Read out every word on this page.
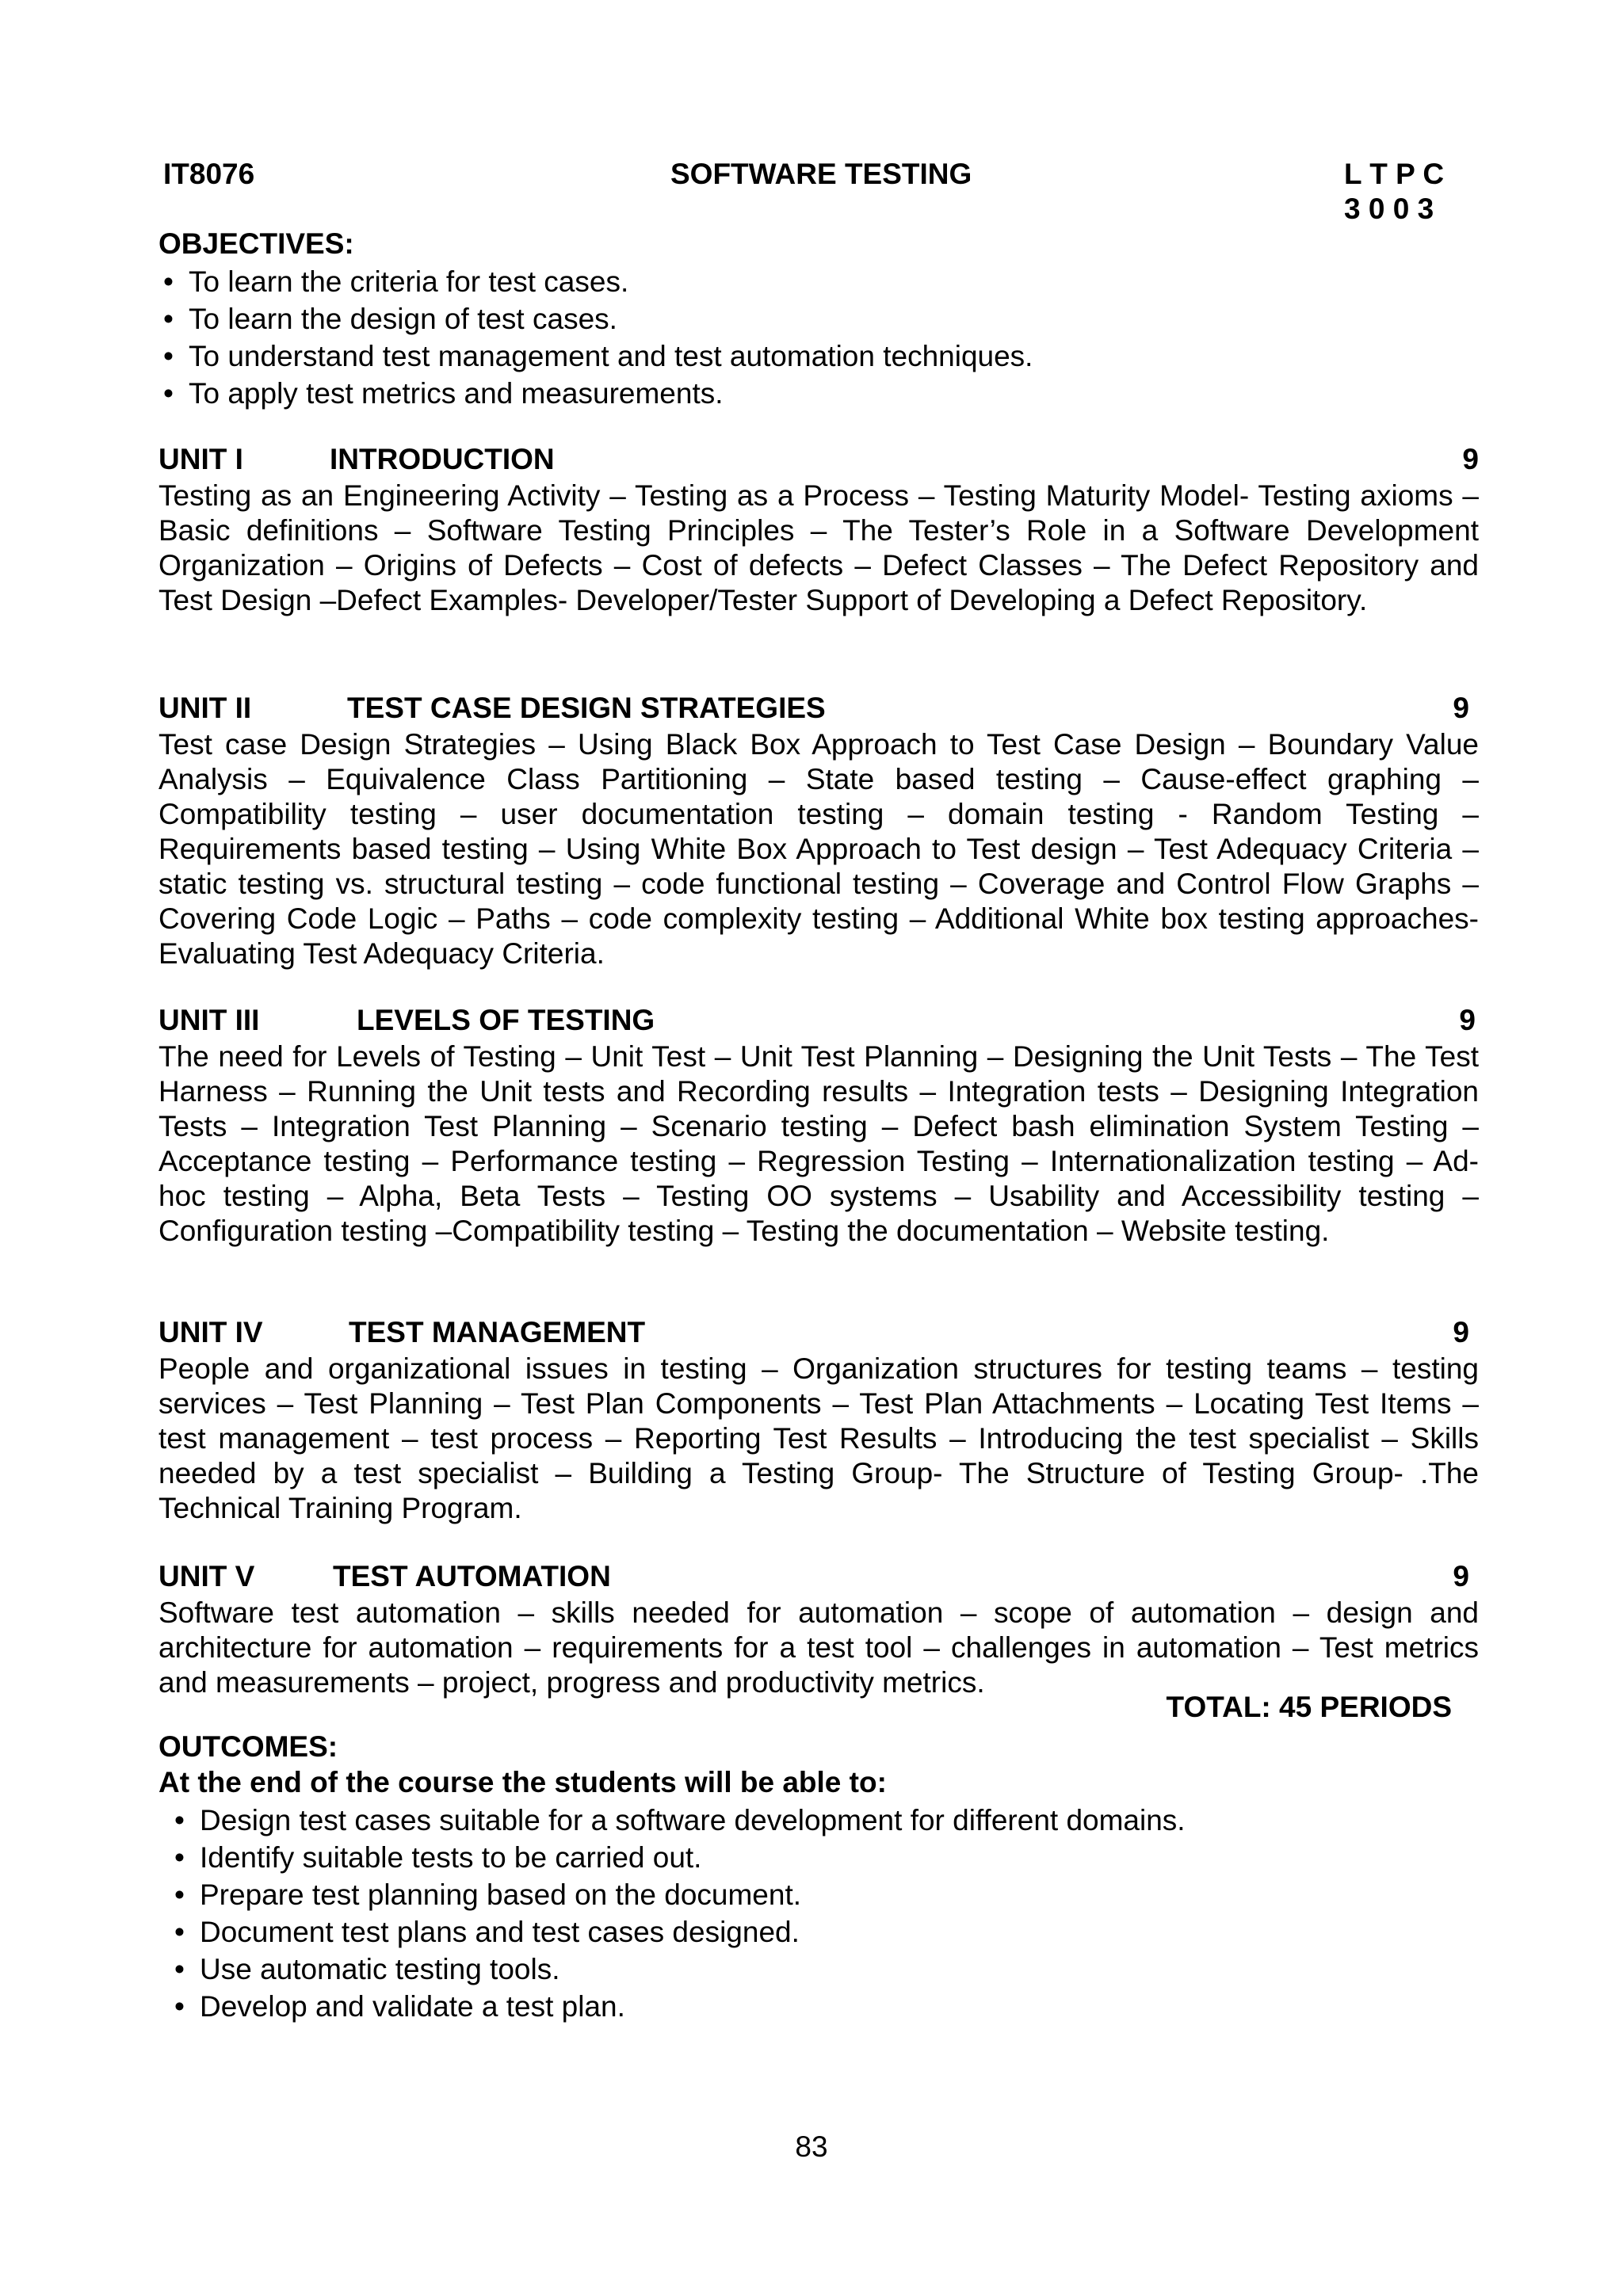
IT8076	SOFTWARE TESTING	L T P C
3 0 0 3
OBJECTIVES:
• To learn the criteria for test cases.
• To learn the design of test cases.
• To understand test management and test automation techniques.
• To apply test metrics and measurements.
UNIT I	INTRODUCTION	9
Testing as an Engineering Activity – Testing as a Process – Testing Maturity Model- Testing axioms – Basic definitions – Software Testing Principles – The Tester’s Role in a Software Development Organization – Origins of Defects – Cost of defects – Defect Classes – The Defect Repository and Test Design –Defect Examples- Developer/Tester Support of Developing a Defect Repository.
UNIT II	TEST CASE DESIGN STRATEGIES	9
Test case Design Strategies – Using Black Box Approach to Test Case Design – Boundary Value Analysis – Equivalence Class Partitioning – State based testing – Cause-effect graphing – Compatibility testing – user documentation testing – domain testing - Random Testing – Requirements based testing – Using White Box Approach to Test design – Test Adequacy Criteria – static testing vs. structural testing – code functional testing – Coverage and Control Flow Graphs – Covering Code Logic – Paths – code complexity testing – Additional White box testing approaches- Evaluating Test Adequacy Criteria.
UNIT III	LEVELS OF TESTING	9
The need for Levels of Testing – Unit Test – Unit Test Planning – Designing the Unit Tests – The Test Harness – Running the Unit tests and Recording results – Integration tests – Designing Integration Tests – Integration Test Planning – Scenario testing – Defect bash elimination System Testing – Acceptance testing – Performance testing – Regression Testing – Internationalization testing – Ad-hoc testing – Alpha, Beta Tests – Testing OO systems – Usability and Accessibility testing – Configuration testing –Compatibility testing – Testing the documentation – Website testing.
UNIT IV	TEST MANAGEMENT	9
People and organizational issues in testing – Organization structures for testing teams – testing services – Test Planning – Test Plan Components – Test Plan Attachments – Locating Test Items – test management – test process – Reporting Test Results – Introducing the test specialist – Skills needed by a test specialist – Building a Testing Group- The Structure of Testing Group- .The Technical Training Program.
UNIT V	TEST AUTOMATION	9
Software test automation – skills needed for automation – scope of automation – design and architecture for automation – requirements for a test tool – challenges in automation – Test metrics and measurements – project, progress and productivity metrics.
TOTAL: 45 PERIODS
OUTCOMES:
At the end of the course the students will be able to:
• Design test cases suitable for a software development for different domains.
• Identify suitable tests to be carried out.
• Prepare test planning based on the document.
• Document test plans and test cases designed.
• Use automatic testing tools.
• Develop and validate a test plan.
83
